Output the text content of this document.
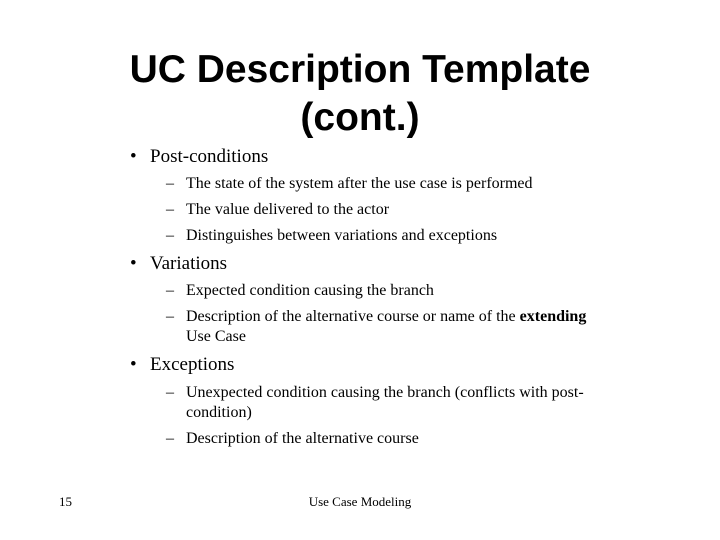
UC Description Template
(cont.)
• Post-conditions
– The state of the system after the use case is performed
– The value delivered to the actor
– Distinguishes between variations and exceptions
• Variations
– Expected condition causing the branch
– Description of the alternative course or name of the extending
Use Case
• Exceptions
– Unexpected condition causing the branch (conflicts with post-
condition)
– Description of the alternative course
15	Use Case Modeling
